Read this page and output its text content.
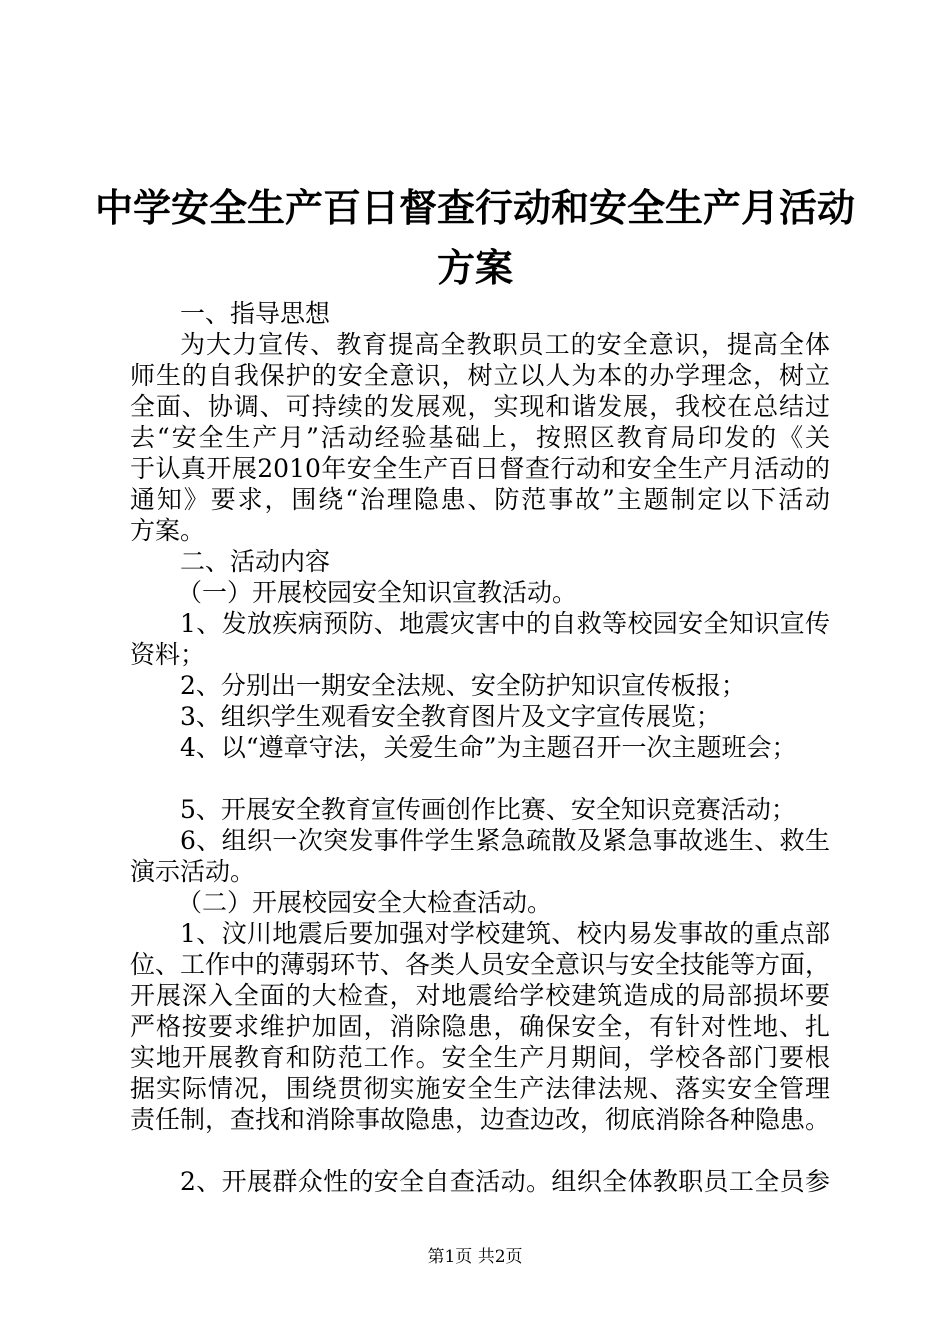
中学安全生产百日督查行动和安全生产月活动
方案

一、指导思想

为大力宣传、教育提高全教职员工的安全意识，提高全体

师生的自我保护的安全意识，树立以人为本的办学理念，树立

全面、协调、可持续的发展观，实现和谐发展，我校在总结过

去“安全生产月”活动经验基础上，按照区教育局印发的《关

于认真开展2010年安全生产百日督查行动和安全生产月活动的

通知》要求，围绕“治理隐患、防范事故”主题制定以下活动

方案。

二、活动内容

（一）开展校园安全知识宣教活动。

1、发放疾病预防、地震灾害中的自救等校园安全知识宣传

资料；

2、分别出一期安全法规、安全防护知识宣传板报；

3、组织学生观看安全教育图片及文字宣传展览；

4、以“遵章守法，关爱生命”为主题召开一次主题班会；

5、开展安全教育宣传画创作比赛、安全知识竞赛活动；

6、组织一次突发事件学生紧急疏散及紧急事故逃生、救生

演示活动。

（二）开展校园安全大检查活动。

1、汶川地震后要加强对学校建筑、校内易发事故的重点部

位、工作中的薄弱环节、各类人员安全意识与安全技能等方面，

开展深入全面的大检查，对地震给学校建筑造成的局部损坏要

严格按要求维护加固，消除隐患，确保安全，有针对性地、扎

实地开展教育和防范工作。安全生产月期间，学校各部门要根

据实际情况，围绕贯彻实施安全生产法律法规、落实安全管理

责任制，查找和消除事故隐患，边查边改，彻底消除各种隐患。

2、开展群众性的安全自查活动。组织全体教职员工全员参

第1页 共2页
